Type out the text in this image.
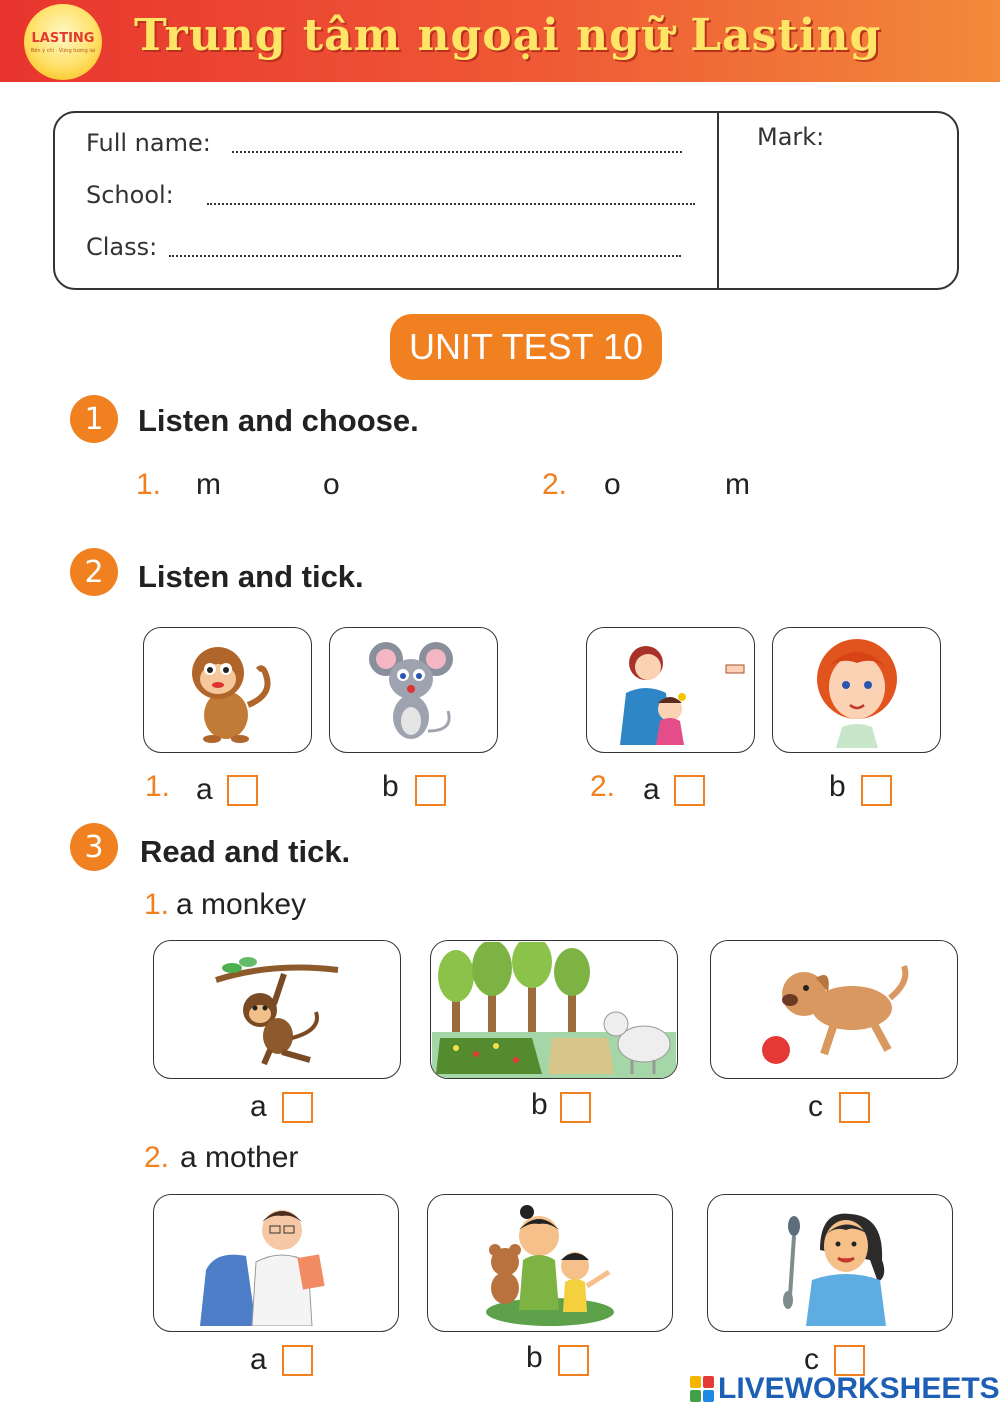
LASTING
Bền ý chí · Vững tương lai Trung tâm ngoại ngữ Lasting
Full name:
School:
Class:
Mark:
UNIT TEST 10
1	Listen and choose.
1. m	o	2. o	m
2	Listen and tick.
1. a	b	2. a	b
3	Read and tick.
1. a monkey
a	b	c
2. a mother
a	b	c
LIVEWORKSHEETS
